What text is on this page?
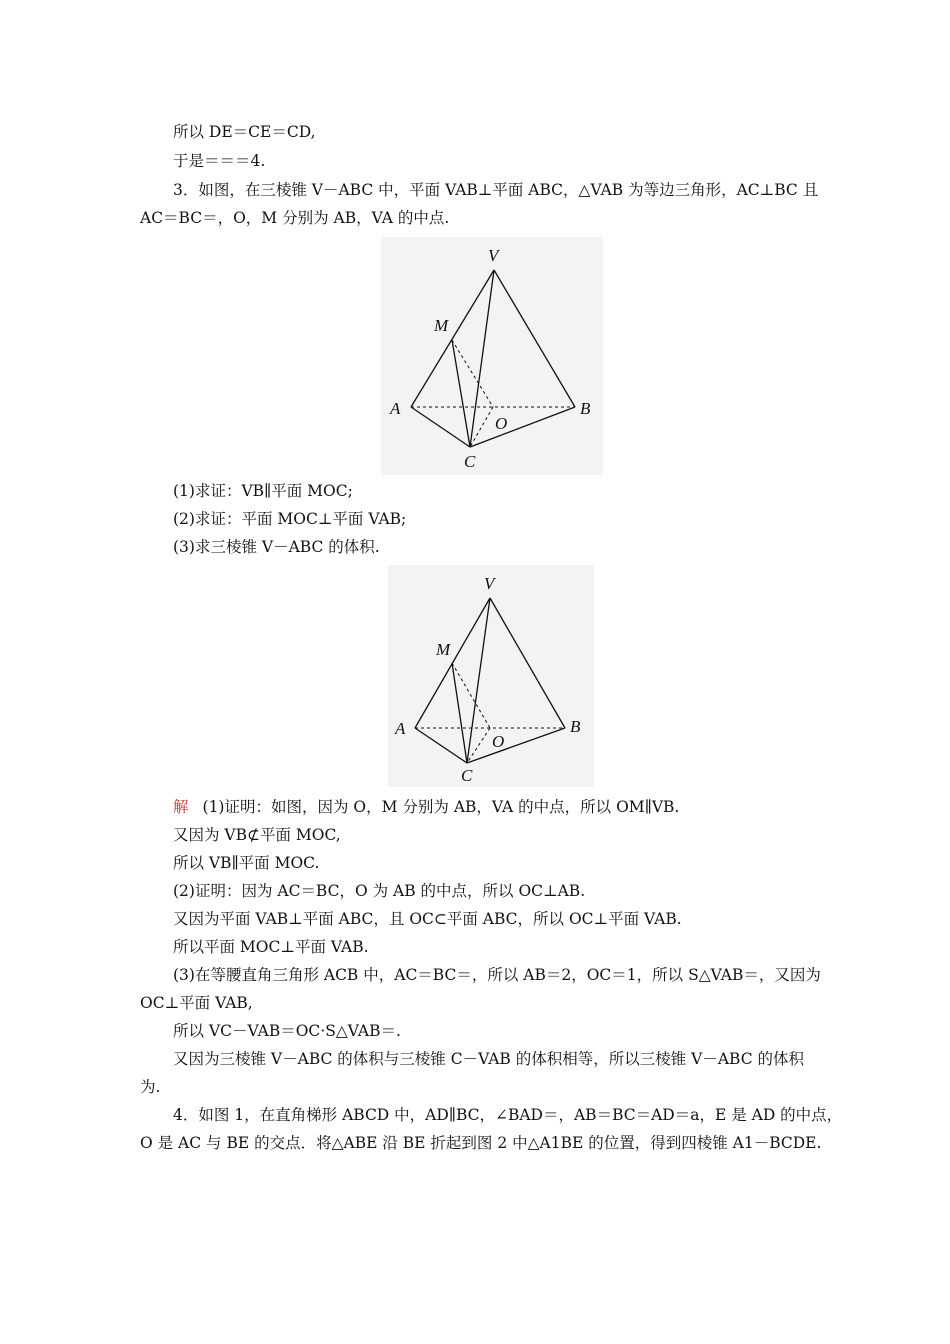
所以 DE＝CE＝CD,
于是＝＝＝4.
3．如图，在三棱锥 V－ABC 中，平面 VAB⊥平面 ABC，△VAB 为等边三角形，AC⊥BC 且
AC＝BC＝，O，M 分别为 AB，VA 的中点.
V
M
A	B
O
C
(1)求证：VB∥平面 MOC;
(2)求证：平面 MOC⊥平面 VAB;
(3)求三棱锥 V－ABC 的体积.
V
M
A	B
O
C
解 (1)证明：如图，因为 O，M 分别为 AB，VA 的中点，所以 OM∥VB.
又因为 VB⊄平面 MOC,
所以 VB∥平面 MOC.
(2)证明：因为 AC＝BC，O 为 AB 的中点，所以 OC⊥AB.
又因为平面 VAB⊥平面 ABC，且 OC⊂平面 ABC，所以 OC⊥平面 VAB.
所以平面 MOC⊥平面 VAB.
(3)在等腰直角三角形 ACB 中，AC＝BC＝，所以 AB＝2，OC＝1，所以 S△VAB＝，又因为
OC⊥平面 VAB,
所以 VC－VAB＝OC·S△VAB＝.
又因为三棱锥 V－ABC 的体积与三棱锥 C－VAB 的体积相等，所以三棱锥 V－ABC 的体积
为.
4．如图 1，在直角梯形 ABCD 中，AD∥BC，∠BAD＝，AB＝BC＝AD＝a，E 是 AD 的中点，
O 是 AC 与 BE 的交点．将△ABE 沿 BE 折起到图 2 中△A1BE 的位置，得到四棱锥 A1－BCDE.
